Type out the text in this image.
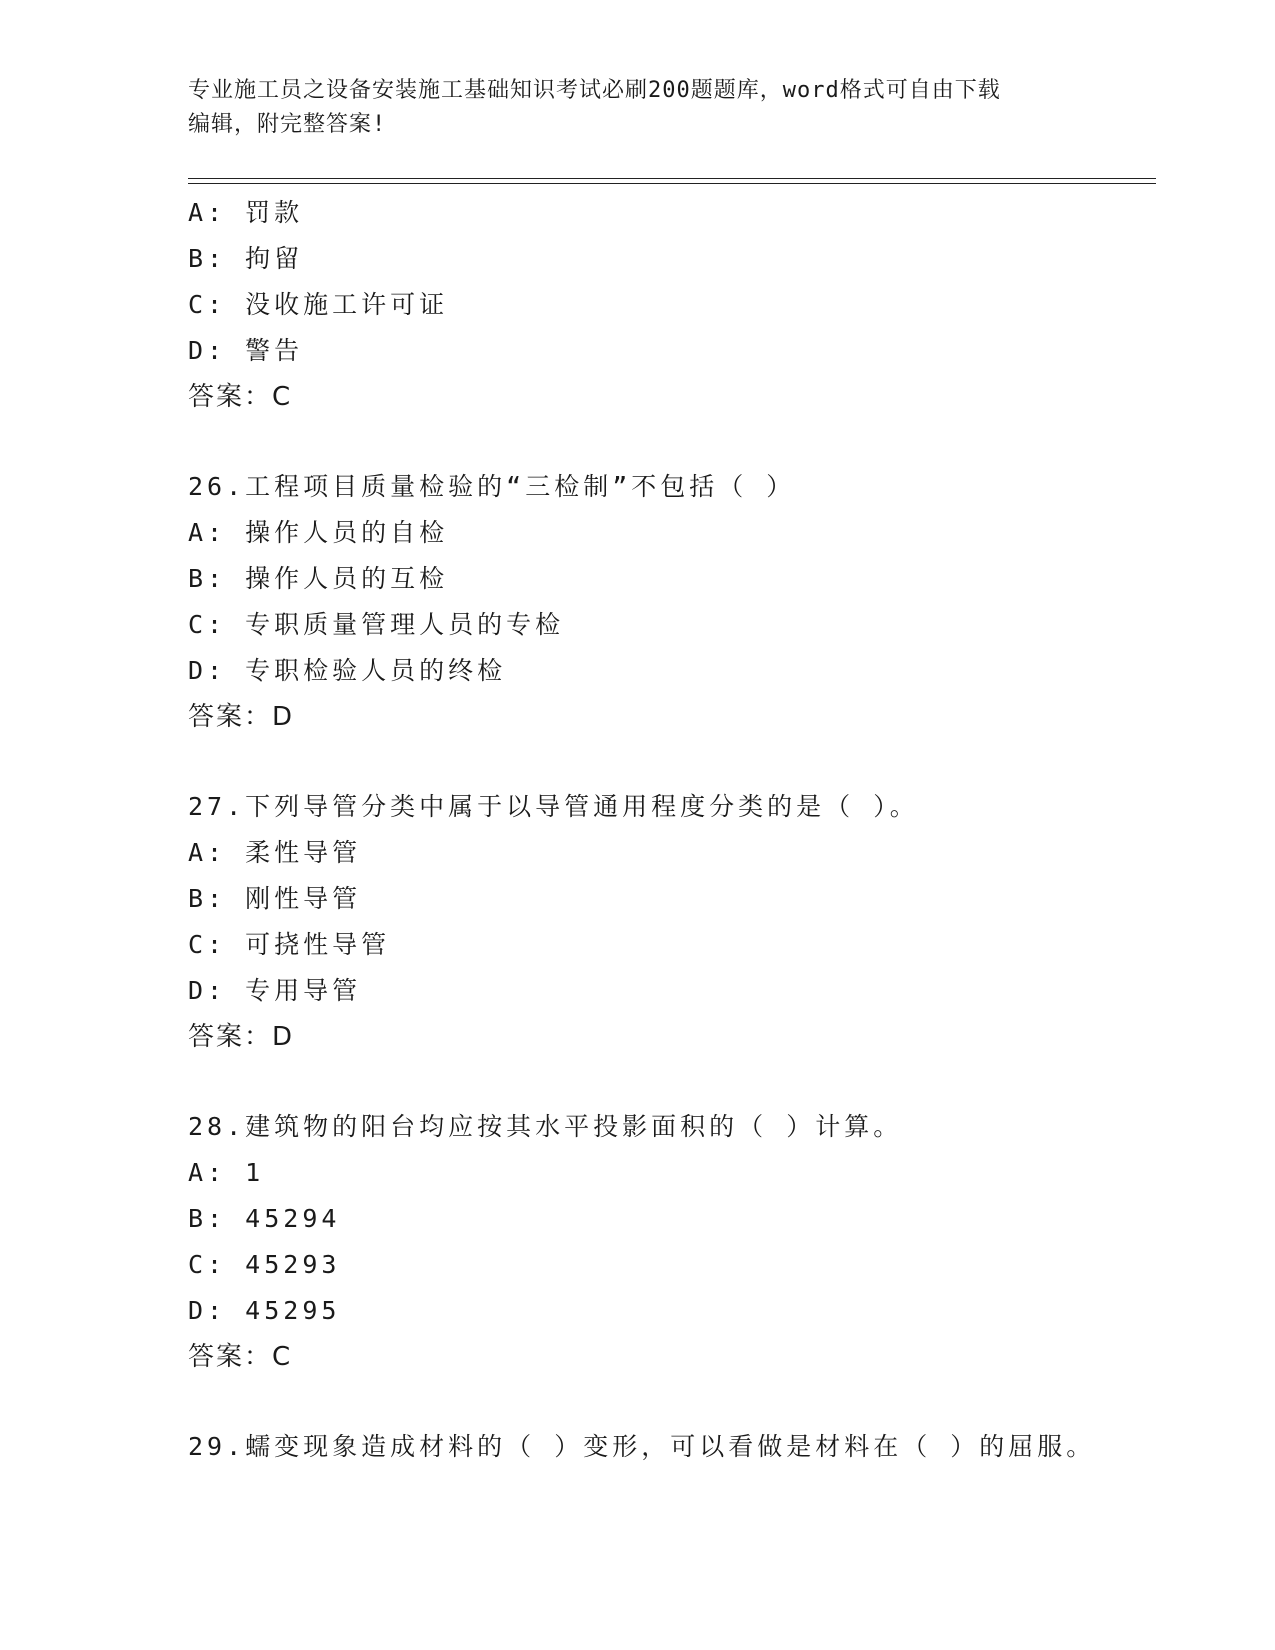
专业施工员之设备安装施工基础知识考试必刷200题题库，word格式可自由下载
编辑，附完整答案!
A: 罚款
B: 拘留
C: 没收施工许可证
D: 警告
答案：C
26.工程项目质量检验的“三检制”不包括（ ）
A: 操作人员的自检
B: 操作人员的互检
C: 专职质量管理人员的专检
D: 专职检验人员的终检
答案：D
27.下列导管分类中属于以导管通用程度分类的是（ ）。
A: 柔性导管
B: 刚性导管
C: 可挠性导管
D: 专用导管
答案：D
28.建筑物的阳台均应按其水平投影面积的（ ）计算。
A: 1
B: 45294
C: 45293
D: 45295
答案：C
29.蠕变现象造成材料的（ ）变形，可以看做是材料在（ ）的屈服。
